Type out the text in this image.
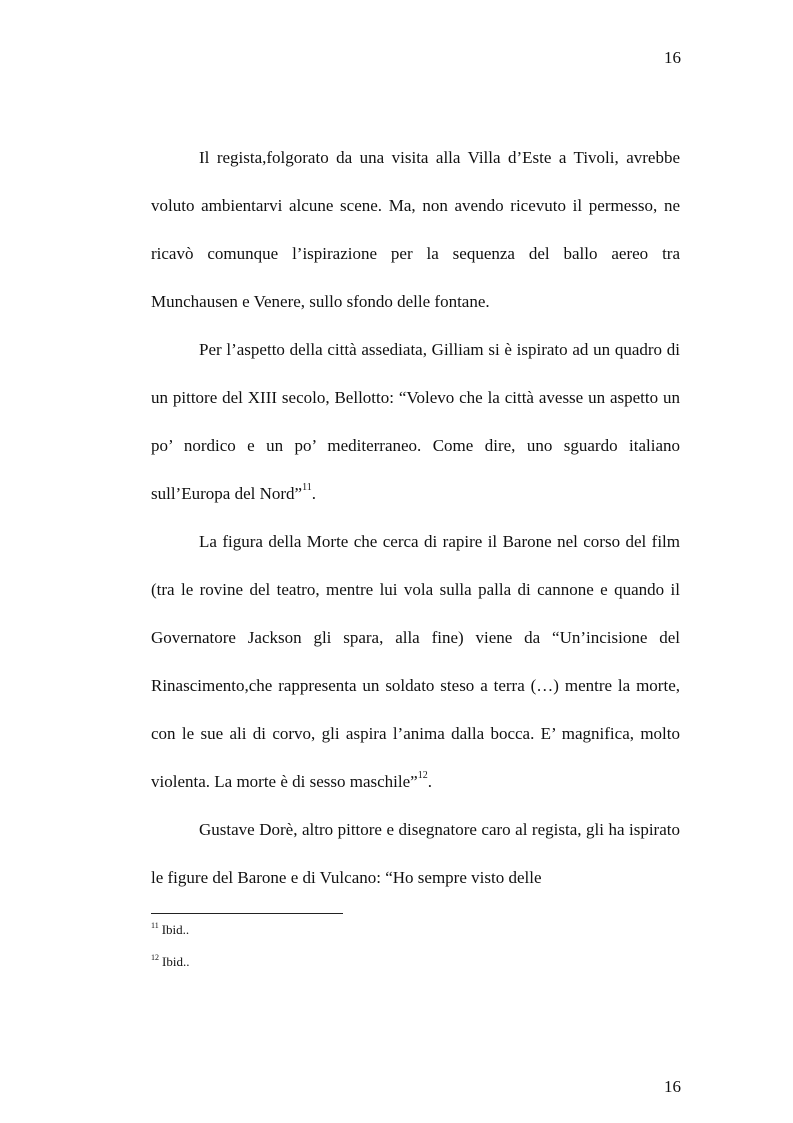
16

Il regista,folgorato da una visita alla Villa d’Este a Tivoli, avrebbe voluto ambientarvi alcune scene. Ma, non avendo ricevuto il permesso, ne ricavò comunque l’ispirazione per la sequenza del ballo aereo tra Munchausen e Venere, sullo sfondo delle fontane.

Per l’aspetto della città assediata, Gilliam si è ispirato ad un quadro di un pittore del XIII secolo, Bellotto: “Volevo che la città avesse un aspetto un po’ nordico e un po’ mediterraneo. Come dire, uno sguardo italiano sull’Europa del Nord”$^{11}$.

La figura della Morte che cerca di rapire il Barone nel corso del film (tra le rovine del teatro, mentre lui vola sulla palla di cannone e quando il Governatore Jackson gli spara, alla fine) viene da “Un’incisione del Rinascimento,che rappresenta un soldato steso a terra (…) mentre la morte, con le sue ali di corvo, gli aspira l’anima dalla bocca. E’ magnifica, molto violenta. La morte è di sesso maschile”$^{12}$.

Gustave Dorè, altro pittore e disegnatore caro al regista, gli ha ispirato le figure del Barone e di Vulcano: “Ho sempre visto delle

$^{11}$ Ibid..
$^{12}$ Ibid..
16
